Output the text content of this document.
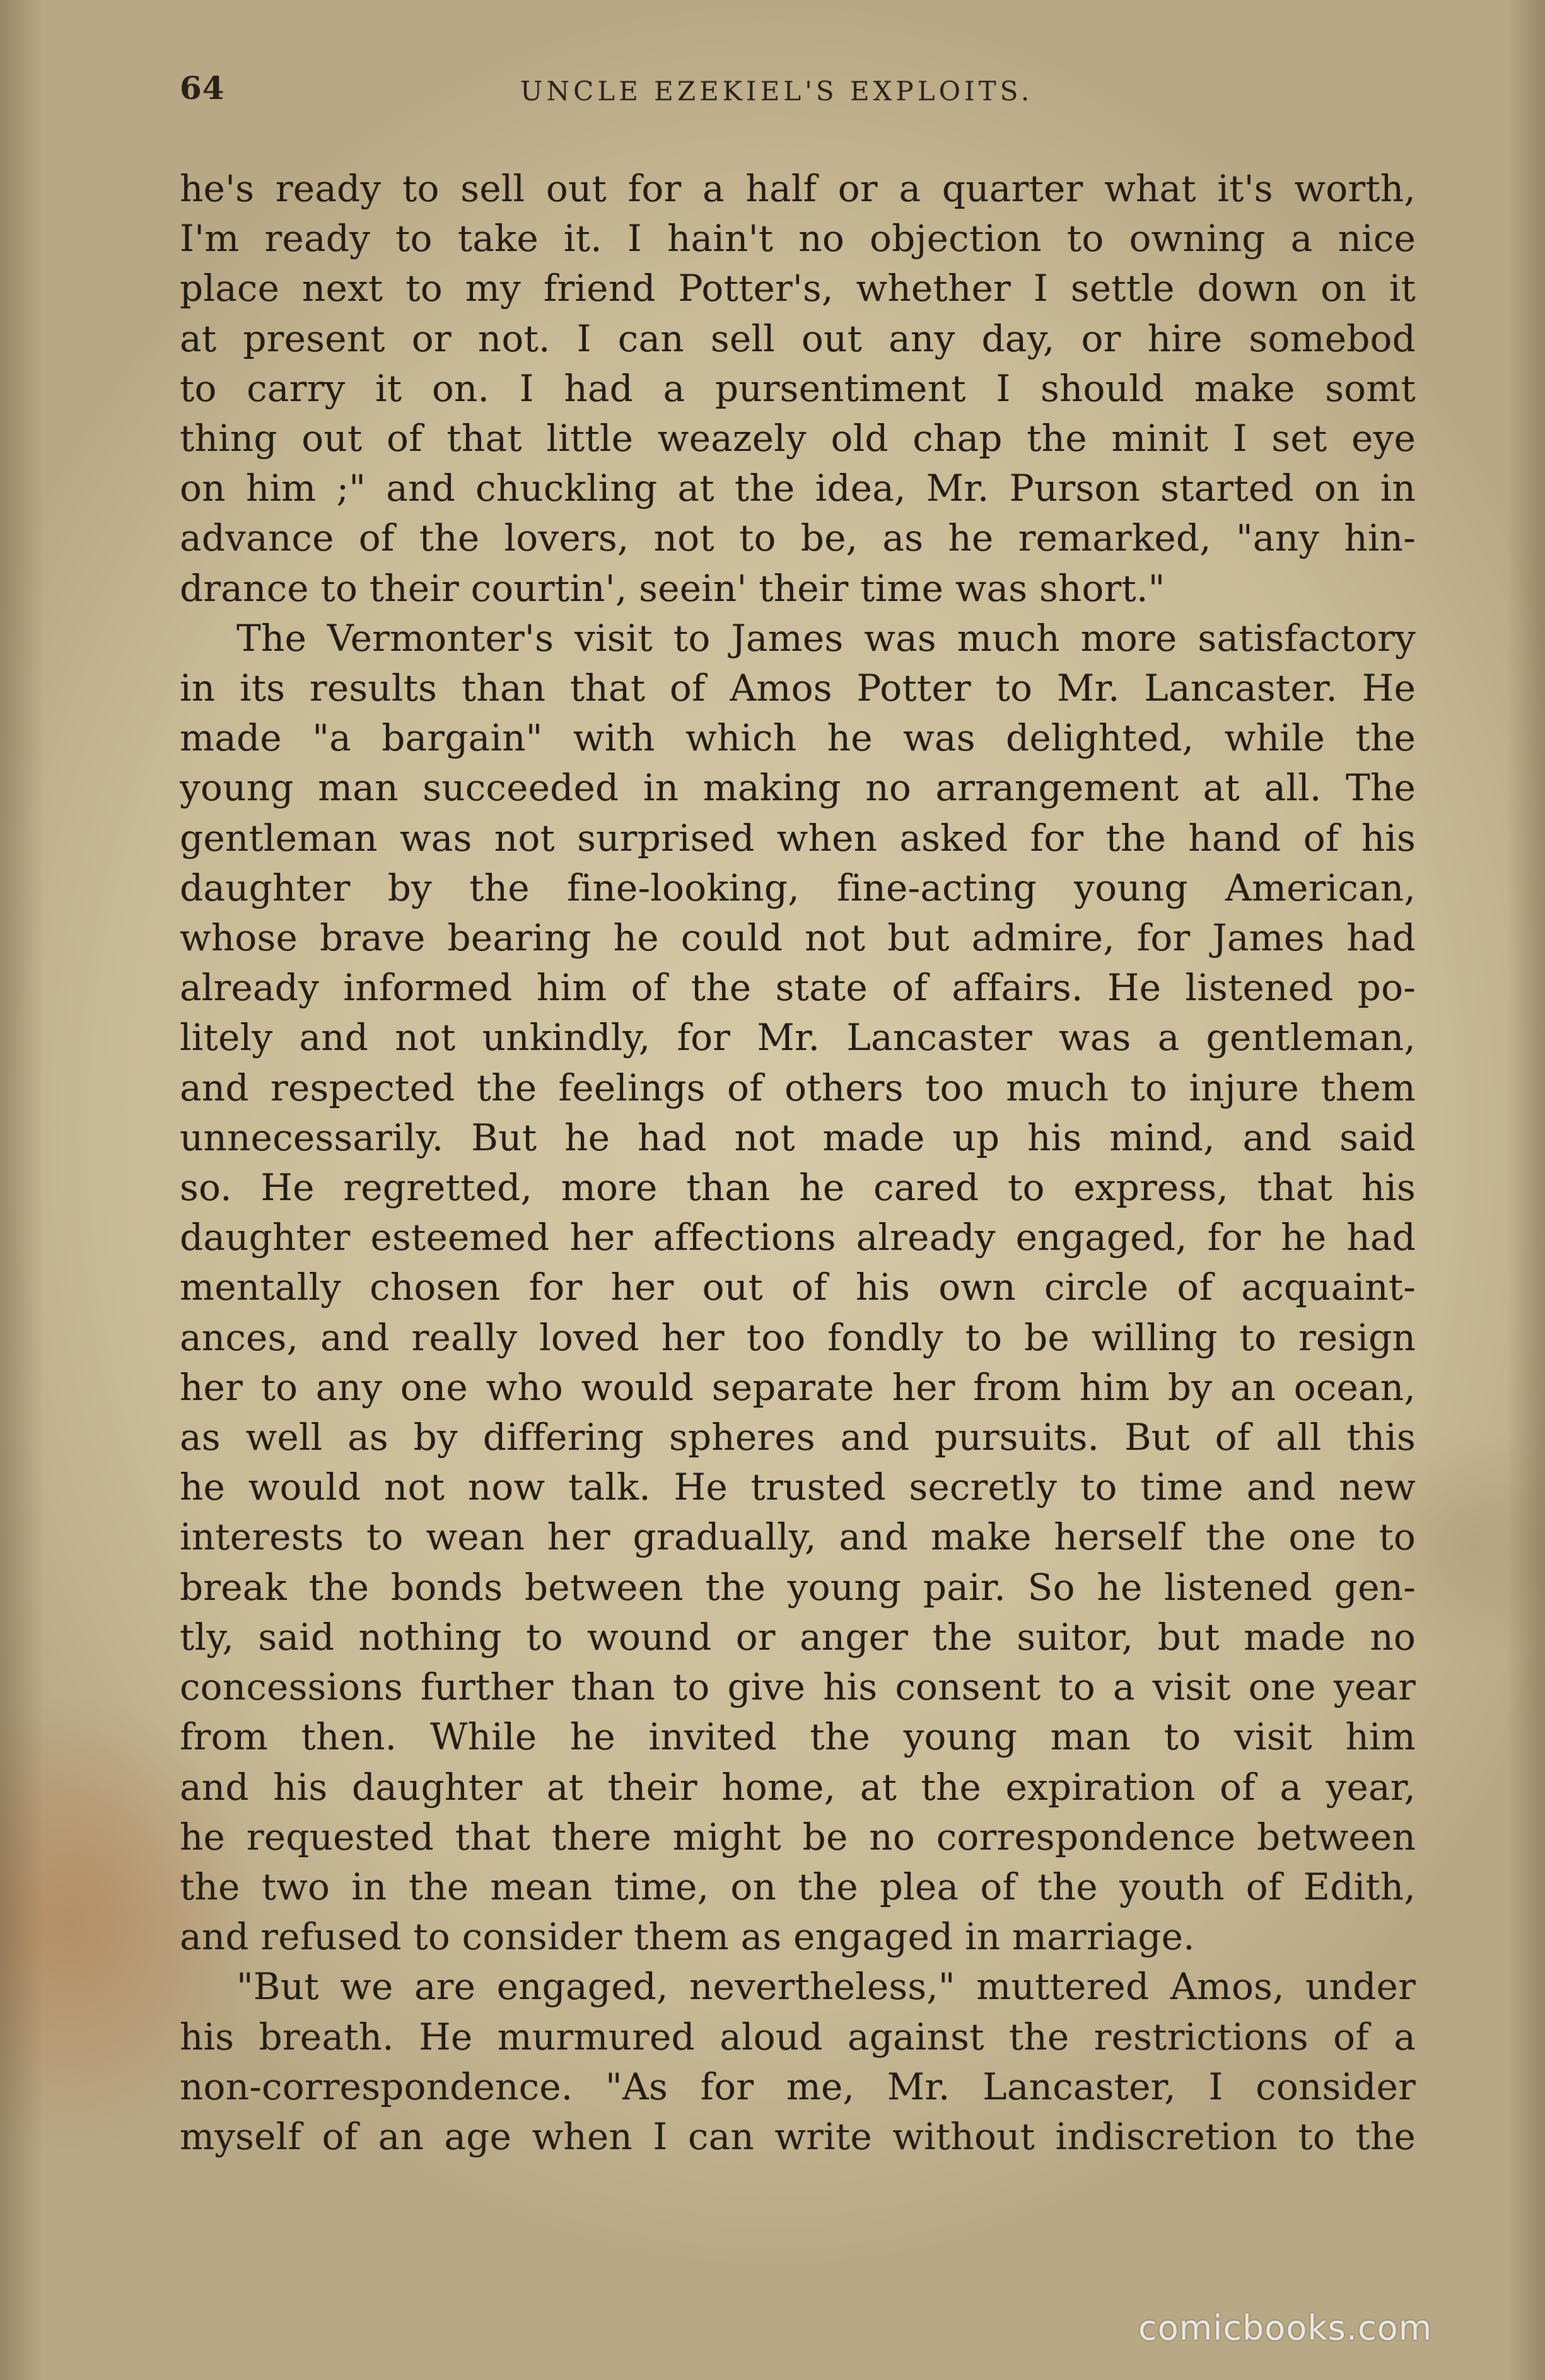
64	UNCLE EZEKIEL'S EXPLOITS.
he's ready to sell out for a half or a quarter what it's worth,
I'm ready to take it. I hain't no objection to owning a nice
place next to my friend Potter's, whether I settle down on it
at present or not. I can sell out any day, or hire somebod
to carry it on. I had a pursentiment I should make somt
thing out of that little weazely old chap the minit I set eye
on him ;" and chuckling at the idea, Mr. Purson started on in
advance of the lovers, not to be, as he remarked, "any hin-
drance to their courtin', seein' their time was short."
The Vermonter's visit to James was much more satisfactory
in its results than that of Amos Potter to Mr. Lancaster. He
made "a bargain" with which he was delighted, while the
young man succeeded in making no arrangement at all. The
gentleman was not surprised when asked for the hand of his
daughter by the fine-looking, fine-acting young American,
whose brave bearing he could not but admire, for James had
already informed him of the state of affairs. He listened po-
litely and not unkindly, for Mr. Lancaster was a gentleman,
and respected the feelings of others too much to injure them
unnecessarily. But he had not made up his mind, and said
so. He regretted, more than he cared to express, that his
daughter esteemed her affections already engaged, for he had
mentally chosen for her out of his own circle of acquaint-
ances, and really loved her too fondly to be willing to resign
her to any one who would separate her from him by an ocean,
as well as by differing spheres and pursuits. But of all this
he would not now talk. He trusted secretly to time and new
interests to wean her gradually, and make herself the one to
break the bonds between the young pair. So he listened gen-
tly, said nothing to wound or anger the suitor, but made no
concessions further than to give his consent to a visit one year
from then. While he invited the young man to visit him
and his daughter at their home, at the expiration of a year,
he requested that there might be no correspondence between
the two in the mean time, on the plea of the youth of Edith,
and refused to consider them as engaged in marriage.
"But we are engaged, nevertheless," muttered Amos, under
his breath. He murmured aloud against the restrictions of a
non-correspondence. "As for me, Mr. Lancaster, I consider
myself of an age when I can write without indiscretion to the
comicbooks.com
